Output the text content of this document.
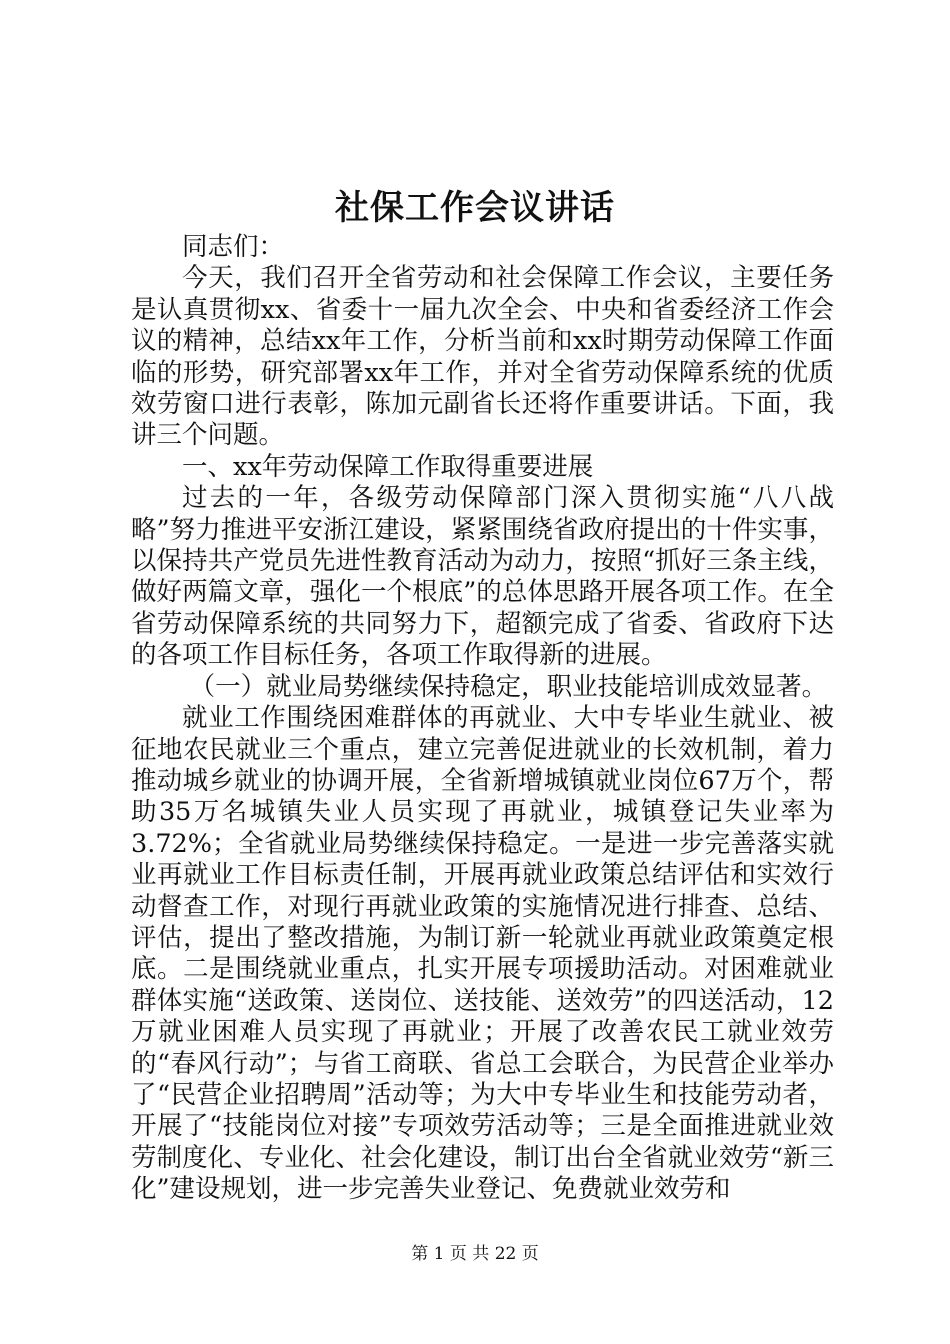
社保工作会议讲话

同志们：

今天，我们召开全省劳动和社会保障工作会议，主要任务是认真贯彻xx、省委十一届九次全会、中央和省委经济工作会议的精神，总结xx年工作，分析当前和xx时期劳动保障工作面临的形势，研究部署xx年工作，并对全省劳动保障系统的优质效劳窗口进行表彰，陈加元副省长还将作重要讲话。下面，我讲三个问题。

一、xx年劳动保障工作取得重要进展

过去的一年，各级劳动保障部门深入贯彻实施“八八战略”努力推进平安浙江建设，紧紧围绕省政府提出的十件实事，以保持共产党员先进性教育活动为动力，按照“抓好三条主线，做好两篇文章，强化一个根底”的总体思路开展各项工作。在全省劳动保障系统的共同努力下，超额完成了省委、省政府下达的各项工作目标任务，各项工作取得新的进展。

（一）就业局势继续保持稳定，职业技能培训成效显著。

就业工作围绕困难群体的再就业、大中专毕业生就业、被征地农民就业三个重点，建立完善促进就业的长效机制，着力推动城乡就业的协调开展，全省新增城镇就业岗位67万个，帮助35万名城镇失业人员实现了再就业，城镇登记失业率为3.72%；全省就业局势继续保持稳定。一是进一步完善落实就业再就业工作目标责任制，开展再就业政策总结评估和实效行动督查工作，对现行再就业政策的实施情况进行排查、总结、评估，提出了整改措施，为制订新一轮就业再就业政策奠定根底。二是围绕就业重点，扎实开展专项援助活动。对困难就业群体实施“送政策、送岗位、送技能、送效劳”的四送活动，12万就业困难人员实现了再就业；开展了改善农民工就业效劳的“春风行动”；与省工商联、省总工会联合，为民营企业举办了“民营企业招聘周”活动等；为大中专毕业生和技能劳动者，开展了“技能岗位对接”专项效劳活动等；三是全面推进就业效劳制度化、专业化、社会化建设，制订出台全省就业效劳“新三化”建设规划，进一步完善失业登记、免费就业效劳和

第 1 页 共 22 页
